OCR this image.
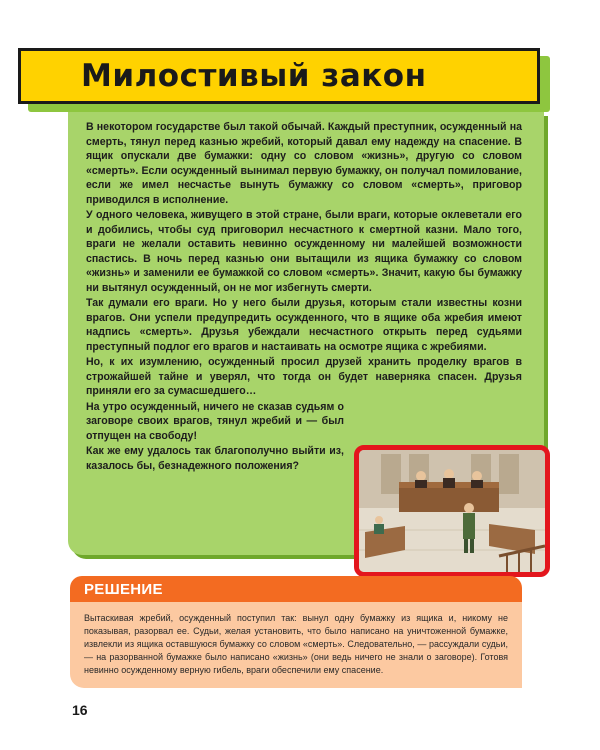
Милостивый закон

В некотором государстве был такой обычай. Каждый преступник, осужденный на смерть, тянул перед казнью жребий, который давал ему надежду на спасение. В ящик опускали две бумажки: одну со словом «жизнь», другую со словом «смерть». Если осужденный вынимал первую бумажку, он получал помилование, если же имел несчастье вынуть бумажку со словом «смерть», приговор приводился в исполнение.

У одного человека, живущего в этой стране, были враги, которые оклеветали его и добились, чтобы суд приговорил несчастного к смертной казни. Мало того, враги не желали оставить невинно осужденному ни малейшей возможности спастись. В ночь перед казнью они вытащили из ящика бумажку со словом «жизнь» и заменили ее бумажкой со словом «смерть». Значит, какую бы бумажку ни вытянул осужденный, он не мог избегнуть смерти.

Так думали его враги. Но у него были друзья, которым стали известны козни врагов. Они успели предупредить осужденного, что в ящике оба жребия имеют надпись «смерть». Друзья убеждали несчастного открыть перед судьями преступный подлог его врагов и настаивать на осмотре ящика с жребиями.

Но, к их изумлению, осужденный просил друзей хранить проделку врагов в строжайшей тайне и уверял, что тогда он будет наверняка спасен. Друзья приняли его за сумасшедшего…

На утро осужденный, ничего не сказав судьям о заговоре своих врагов, тянул жребий и — был отпущен на свободу!

Как же ему удалось так благополучно выйти из, казалось бы, безнадежного положения?

РЕШЕНИЕ

Вытаскивая жребий, осужденный поступил так: вынул одну бумажку из ящика и, никому не показывая, разорвал ее. Судьи, желая установить, что было написано на уничтоженной бумажке, извлекли из ящика оставшуюся бумажку со словом «смерть». Следовательно, — рассуждали судьи, — на разорванной бумажке было написано «жизнь» (они ведь ничего не знали о заговоре). Готовя невинно осужденному верную гибель, враги обеспечили ему спасение.

16
